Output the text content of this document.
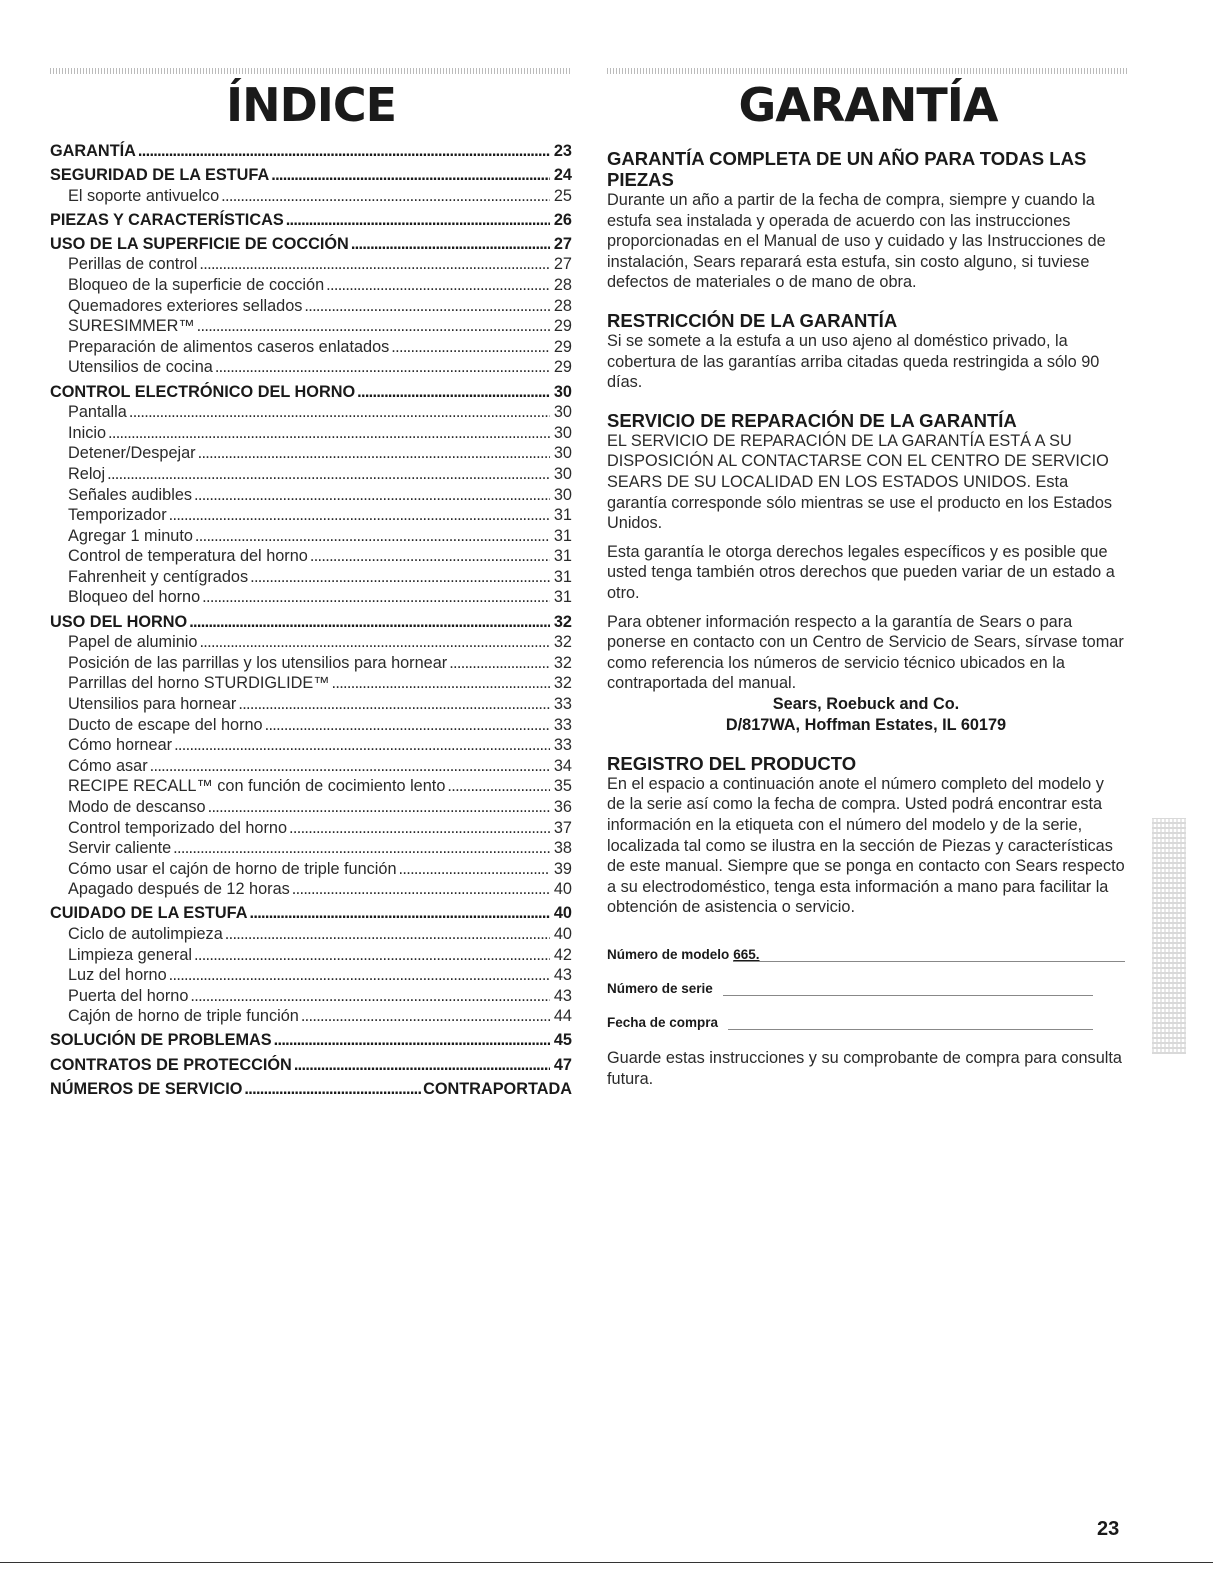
ÍNDICE	GARANTÍA
GARANTÍA . . .	23
SEGURIDAD DE LA ESTUFA . . .	24
El soporte antivuelco . . .	25
PIEZAS Y CARACTERÍSTICAS . . .	26
USO DE LA SUPERFICIE DE COCCIÓN . . .	27
Perillas de control . . .	27
Bloqueo de la superficie de cocción . . .	28
Quemadores exteriores sellados . . .	28
SURESIMMER™ . . .	29
Preparación de alimentos caseros enlatados . . .	29
Utensilios de cocina . . .	29
CONTROL ELECTRÓNICO DEL HORNO . . .	30
Pantalla . . .	30
Inicio . . .	30
Detener/Despejar . . .	30
Reloj . . .	30
Señales audibles . . .	30
Temporizador . . .	31
Agregar 1 minuto . . .	31
Control de temperatura del horno . . .	31
Fahrenheit y centígrados . . .	31
Bloqueo del horno . . .	31
USO DEL HORNO . . .	32
Papel de aluminio . . .	32
Posición de las parrillas y los utensilios para hornear . . .	32
Parrillas del horno STURDIGLIDE™ . . .	32
Utensilios para hornear . . .	33
Ducto de escape del horno . . .	33
Cómo hornear . . .	33
Cómo asar . . .	34
RECIPE RECALL™ con función de cocimiento lento . . .	35
Modo de descanso . . .	36
Control temporizado del horno . . .	37
Servir caliente . . .	38
Cómo usar el cajón de horno de triple función . . .	39
Apagado después de 12 horas . . .	40
CUIDADO DE LA ESTUFA . . .	40
Ciclo de autolimpieza . . .	40
Limpieza general . . .	42
Luz del horno . . .	43
Puerta del horno . . .	43
Cajón de horno de triple función . . .	44
SOLUCIÓN DE PROBLEMAS . . .	45
CONTRATOS DE PROTECCIÓN . . .	47
NÚMEROS DE SERVICIO . . .	CONTRAPORTADA
GARANTÍA COMPLETA DE UN AÑO PARA TODAS LAS PIEZAS

Durante un año a partir de la fecha de compra, siempre y cuando la estufa sea instalada y operada de acuerdo con las instrucciones proporcionadas en el Manual de uso y cuidado y las Instrucciones de instalación, Sears reparará esta estufa, sin costo alguno, si tuviese defectos de materiales o de mano de obra.

RESTRICCIÓN DE LA GARANTÍA

Si se somete a la estufa a un uso ajeno al doméstico privado, la cobertura de las garantías arriba citadas queda restringida a sólo 90 días.

SERVICIO DE REPARACIÓN DE LA GARANTÍA

EL SERVICIO DE REPARACIÓN DE LA GARANTÍA ESTÁ A SU DISPOSICIÓN AL CONTACTARSE CON EL CENTRO DE SERVICIO SEARS DE SU LOCALIDAD EN LOS ESTADOS UNIDOS. Esta garantía corresponde sólo mientras se use el producto en los Estados Unidos.

Esta garantía le otorga derechos legales específicos y es posible que usted tenga también otros derechos que pueden variar de un estado a otro.

Para obtener información respecto a la garantía de Sears o para ponerse en contacto con un Centro de Servicio de Sears, sírvase tomar como referencia los números de servicio técnico ubicados en la contraportada del manual.

Sears, Roebuck and Co.
D/817WA, Hoffman Estates, IL 60179
REGISTRO DEL PRODUCTO

En el espacio a continuación anote el número completo del modelo y de la serie así como la fecha de compra. Usted podrá encontrar esta información en la etiqueta con el número del modelo y de la serie, localizada tal como se ilustra en la sección de Piezas y características de este manual. Siempre que se ponga en contacto con Sears respecto a su electrodoméstico, tenga esta información a mano para facilitar la obtención de asistencia o servicio.

Número de modelo 665.
Número de serie
Fecha de compra

Guarde estas instrucciones y su comprobante de compra para consulta futura.

23
